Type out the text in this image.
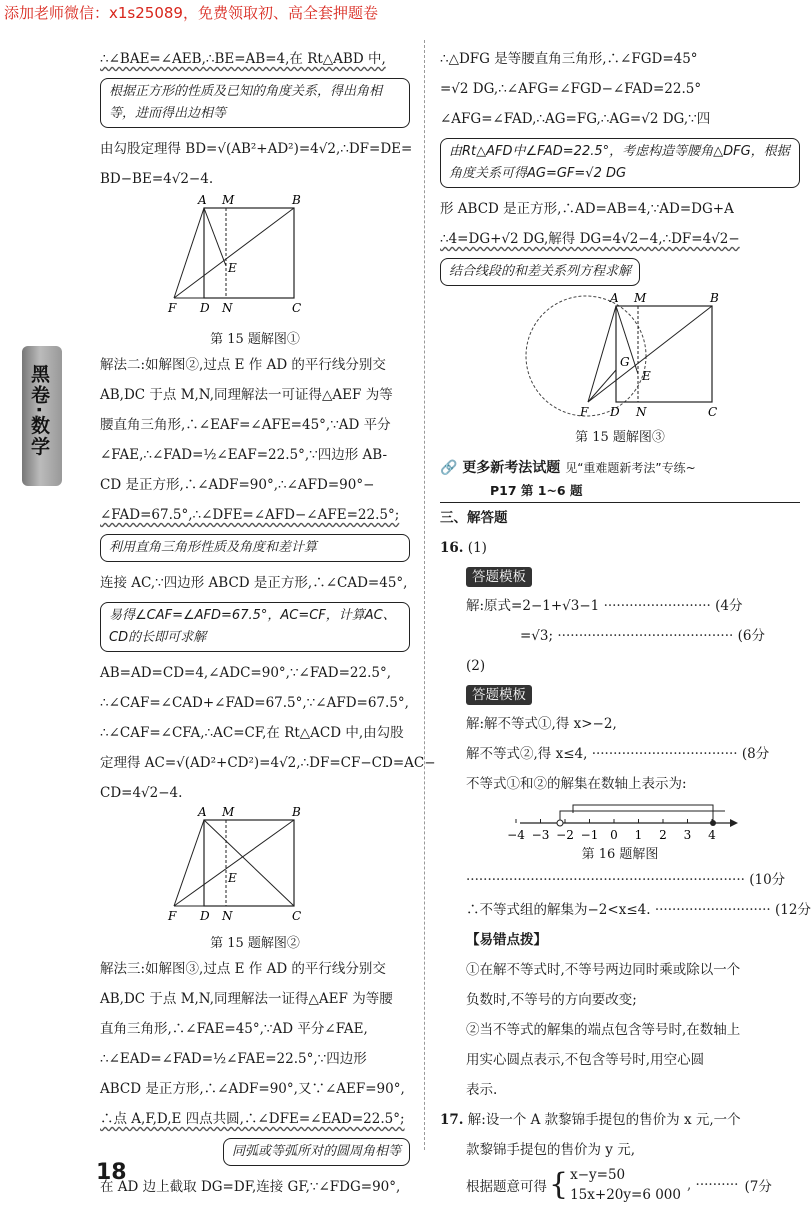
添加老师微信：x1s25089，免费领取初、高全套押题卷
黑卷·数学
∴∠BAE=∠AEB,∴BE=AB=4,在 Rt△ABD 中,
根据正方形的性质及已知的角度关系，得出角相等，进而得出边相等
由勾股定理得 BD=√(AB²+AD²)=4√2,∴DF=DE=
BD−BE=4√2−4.
A M	B
F D N	C
E
第 15 题解图①
解法二:如解图②,过点 E 作 AD 的平行线分别交
AB,DC 于点 M,N,同理解法一可证得△AEF 为等
腰直角三角形,∴∠EAF=∠AFE=45°,∵AD 平分
∠FAE,∴∠FAD=½∠EAF=22.5°,∵四边形 AB-
CD 是正方形,∴∠ADF=90°,∴∠AFD=90°−
∠FAD=67.5°,∴∠DFE=∠AFD−∠AFE=22.5°;
利用直角三角形性质及角度和差计算
连接 AC,∵四边形 ABCD 是正方形,∴∠CAD=45°,
易得∠CAF=∠AFD=67.5°，AC=CF，计算AC、CD的长即可求解
AB=AD=CD=4,∠ADC=90°,∵∠FAD=22.5°,
∴∠CAF=∠CAD+∠FAD=67.5°,∵∠AFD=67.5°,
∴∠CAF=∠CFA,∴AC=CF,在 Rt△ACD 中,由勾股
定理得 AC=√(AD²+CD²)=4√2,∴DF=CF−CD=AC−
CD=4√2−4.
A M	B
F D N	C
E
第 15 题解图②
解法三:如解图③,过点 E 作 AD 的平行线分别交
AB,DC 于点 M,N,同理解法一证得△AEF 为等腰
直角三角形,∴∠FAE=45°,∵AD 平分∠FAE,
∴∠EAD=∠FAD=½∠FAE=22.5°,∵四边形
ABCD 是正方形,∴∠ADF=90°,又∵∠AEF=90°,
∴点 A,F,D,E 四点共圆,∴∠DFE=∠EAD=22.5°;
同弧或等弧所对的圆周角相等
在 AD 边上截取 DG=DF,连接 GF,∵∠FDG=90°,
∴△DFG 是等腰直角三角形,∴∠FGD=45°
=√2 DG,∴∠AFG=∠FGD−∠FAD=22.5°
∠AFG=∠FAD,∴AG=FG,∴AG=√2 DG,∵四
由Rt△AFD中∠FAD=22.5°，考虑构造等腰角△DFG，根据角度关系可得AG=GF=√2 DG
形 ABCD 是正方形,∴AD=AB=4,∵AD=DG+A
∴4=DG+√2 DG,解得 DG=4√2−4,∴DF=4√2−
结合线段的和差关系列方程求解
A M	B
F D N	C
G
E
第 15 题解图③
🔗 更多新考法试题 见“重难题新考法”专练~
P17 第 1~6 题
三、解答题
16. (1)
答题模板
解:原式=2−1+√3−1 ························· (4分
=√3; ········································· (6分
(2)
答题模板
解:解不等式①,得 x>−2,
解不等式②,得 x≤4, ·································· (8分
不等式①和②的解集在数轴上表示为:
−4 −3 −2 −1 0 1 2 3 4
第 16 题解图
································································· (10分
∴不等式组的解集为−2<x≤4. ··························· (12分
【易错点拨】
①在解不等式时,不等号两边同时乘或除以一个
负数时,不等号的方向要改变;
②当不等式的解集的端点包含等号时,在数轴上
用实心圆点表示,不包含等号时,用空心圆
表示.
17. 解:设一个 A 款黎锦手提包的售价为 x 元,一个
款黎锦手提包的售价为 y 元,
根据题意可得 { x−y=50
15x+20y=6 000
, ·········· (7分
18
